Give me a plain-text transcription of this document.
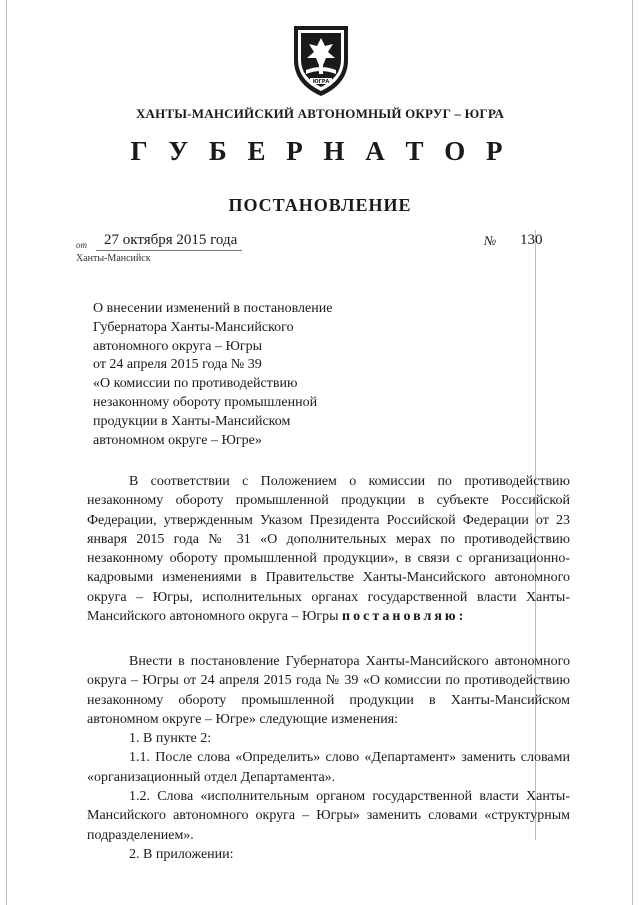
ЮГРА
ХАНТЫ-МАНСИЙСКИЙ АВТОНОМНЫЙ ОКРУГ – ЮГРА
Г У Б Е Р Н А Т О Р
ПОСТАНОВЛЕНИЕ
от 27 октября 2015 года	№ 130
Ханты-Мансийск
О внесении изменений в постановление
Губернатора Ханты-Мансийского
автономного округа – Югры
от 24 апреля 2015 года № 39
«О комиссии по противодействию
незаконному обороту промышленной
продукции в Ханты-Мансийском
автономном округе – Югре»

В соответствии с Положением о комиссии по противодействию незаконному обороту промышленной продукции в субъекте Российской Федерации, утвержденным Указом Президента Российской Федерации от 23 января 2015 года № 31 «О дополнительных мерах по противодействию незаконному обороту промышленной продукции», в связи с организационно-кадровыми изменениями в Правительстве Ханты-Мансийского автономного округа – Югры, исполнительных органах государственной власти Ханты-Мансийского автономного округа – Югры постановляю:

Внести в постановление Губернатора Ханты-Мансийского автономного округа – Югры от 24 апреля 2015 года № 39 «О комиссии по противодействию незаконному обороту промышленной продукции в Ханты-Мансийском автономном округе – Югре» следующие изменения:

1. В пункте 2:

1.1. После слова «Определить» слово «Департамент» заменить словами «организационный отдел Департамента».

1.2. Слова «исполнительным органом государственной власти Ханты-Мансийского автономного округа – Югры» заменить словами «структурным подразделением».

2. В приложении:
